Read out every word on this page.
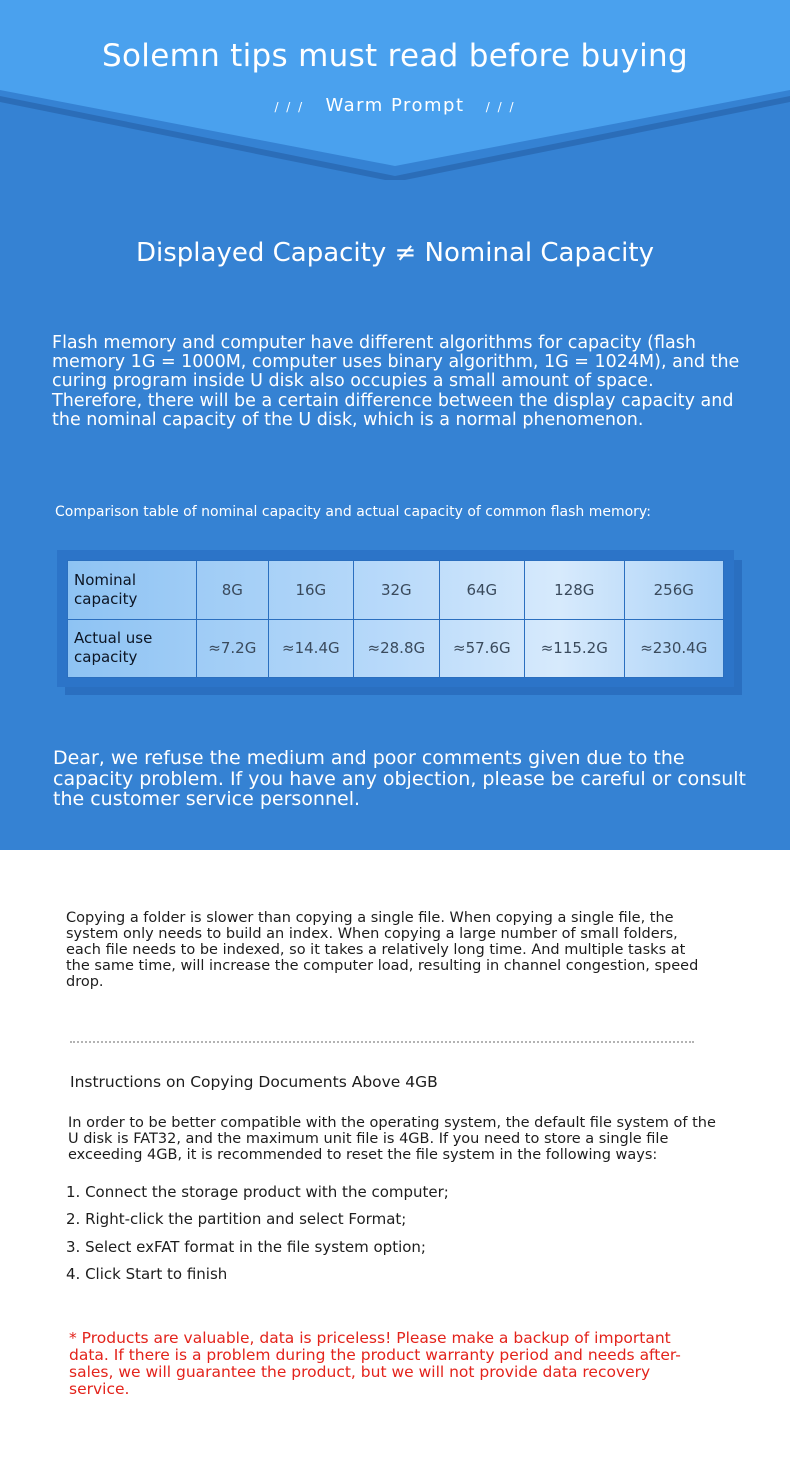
Solemn tips must read before buying
/ / / Warm Prompt / / /
Displayed Capacity ≠ Nominal Capacity
Flash memory and computer have different algorithms for capacity (flash memory 1G = 1000M, computer uses binary algorithm, 1G = 1024M), and the curing program inside U disk also occupies a small amount of space. Therefore, there will be a certain difference between the display capacity and the nominal capacity of the U disk, which is a normal phenomenon.
Comparison table of nominal capacity and actual capacity of common flash memory:
Nominal capacity	8G	16G	32G	64G	128G	256G
Actual use capacity	≈7.2G	≈14.4G	≈28.8G	≈57.6G	≈115.2G	≈230.4G
Dear, we refuse the medium and poor comments given due to the capacity problem. If you have any objection, please be careful or consult the customer service personnel.
Copying a folder is slower than copying a single file. When copying a single file, the system only needs to build an index. When copying a large number of small folders, each file needs to be indexed, so it takes a relatively long time. And multiple tasks at the same time, will increase the computer load, resulting in channel congestion, speed drop.
Instructions on Copying Documents Above 4GB
In order to be better compatible with the operating system, the default file system of the U disk is FAT32, and the maximum unit file is 4GB. If you need to store a single file exceeding 4GB, it is recommended to reset the file system in the following ways:
1. Connect the storage product with the computer;
2. Right-click the partition and select Format;
3. Select exFAT format in the file system option;
4. Click Start to finish
* Products are valuable, data is priceless! Please make a backup of important data. If there is a problem during the product warranty period and needs after-sales, we will guarantee the product, but we will not provide data recovery service.
